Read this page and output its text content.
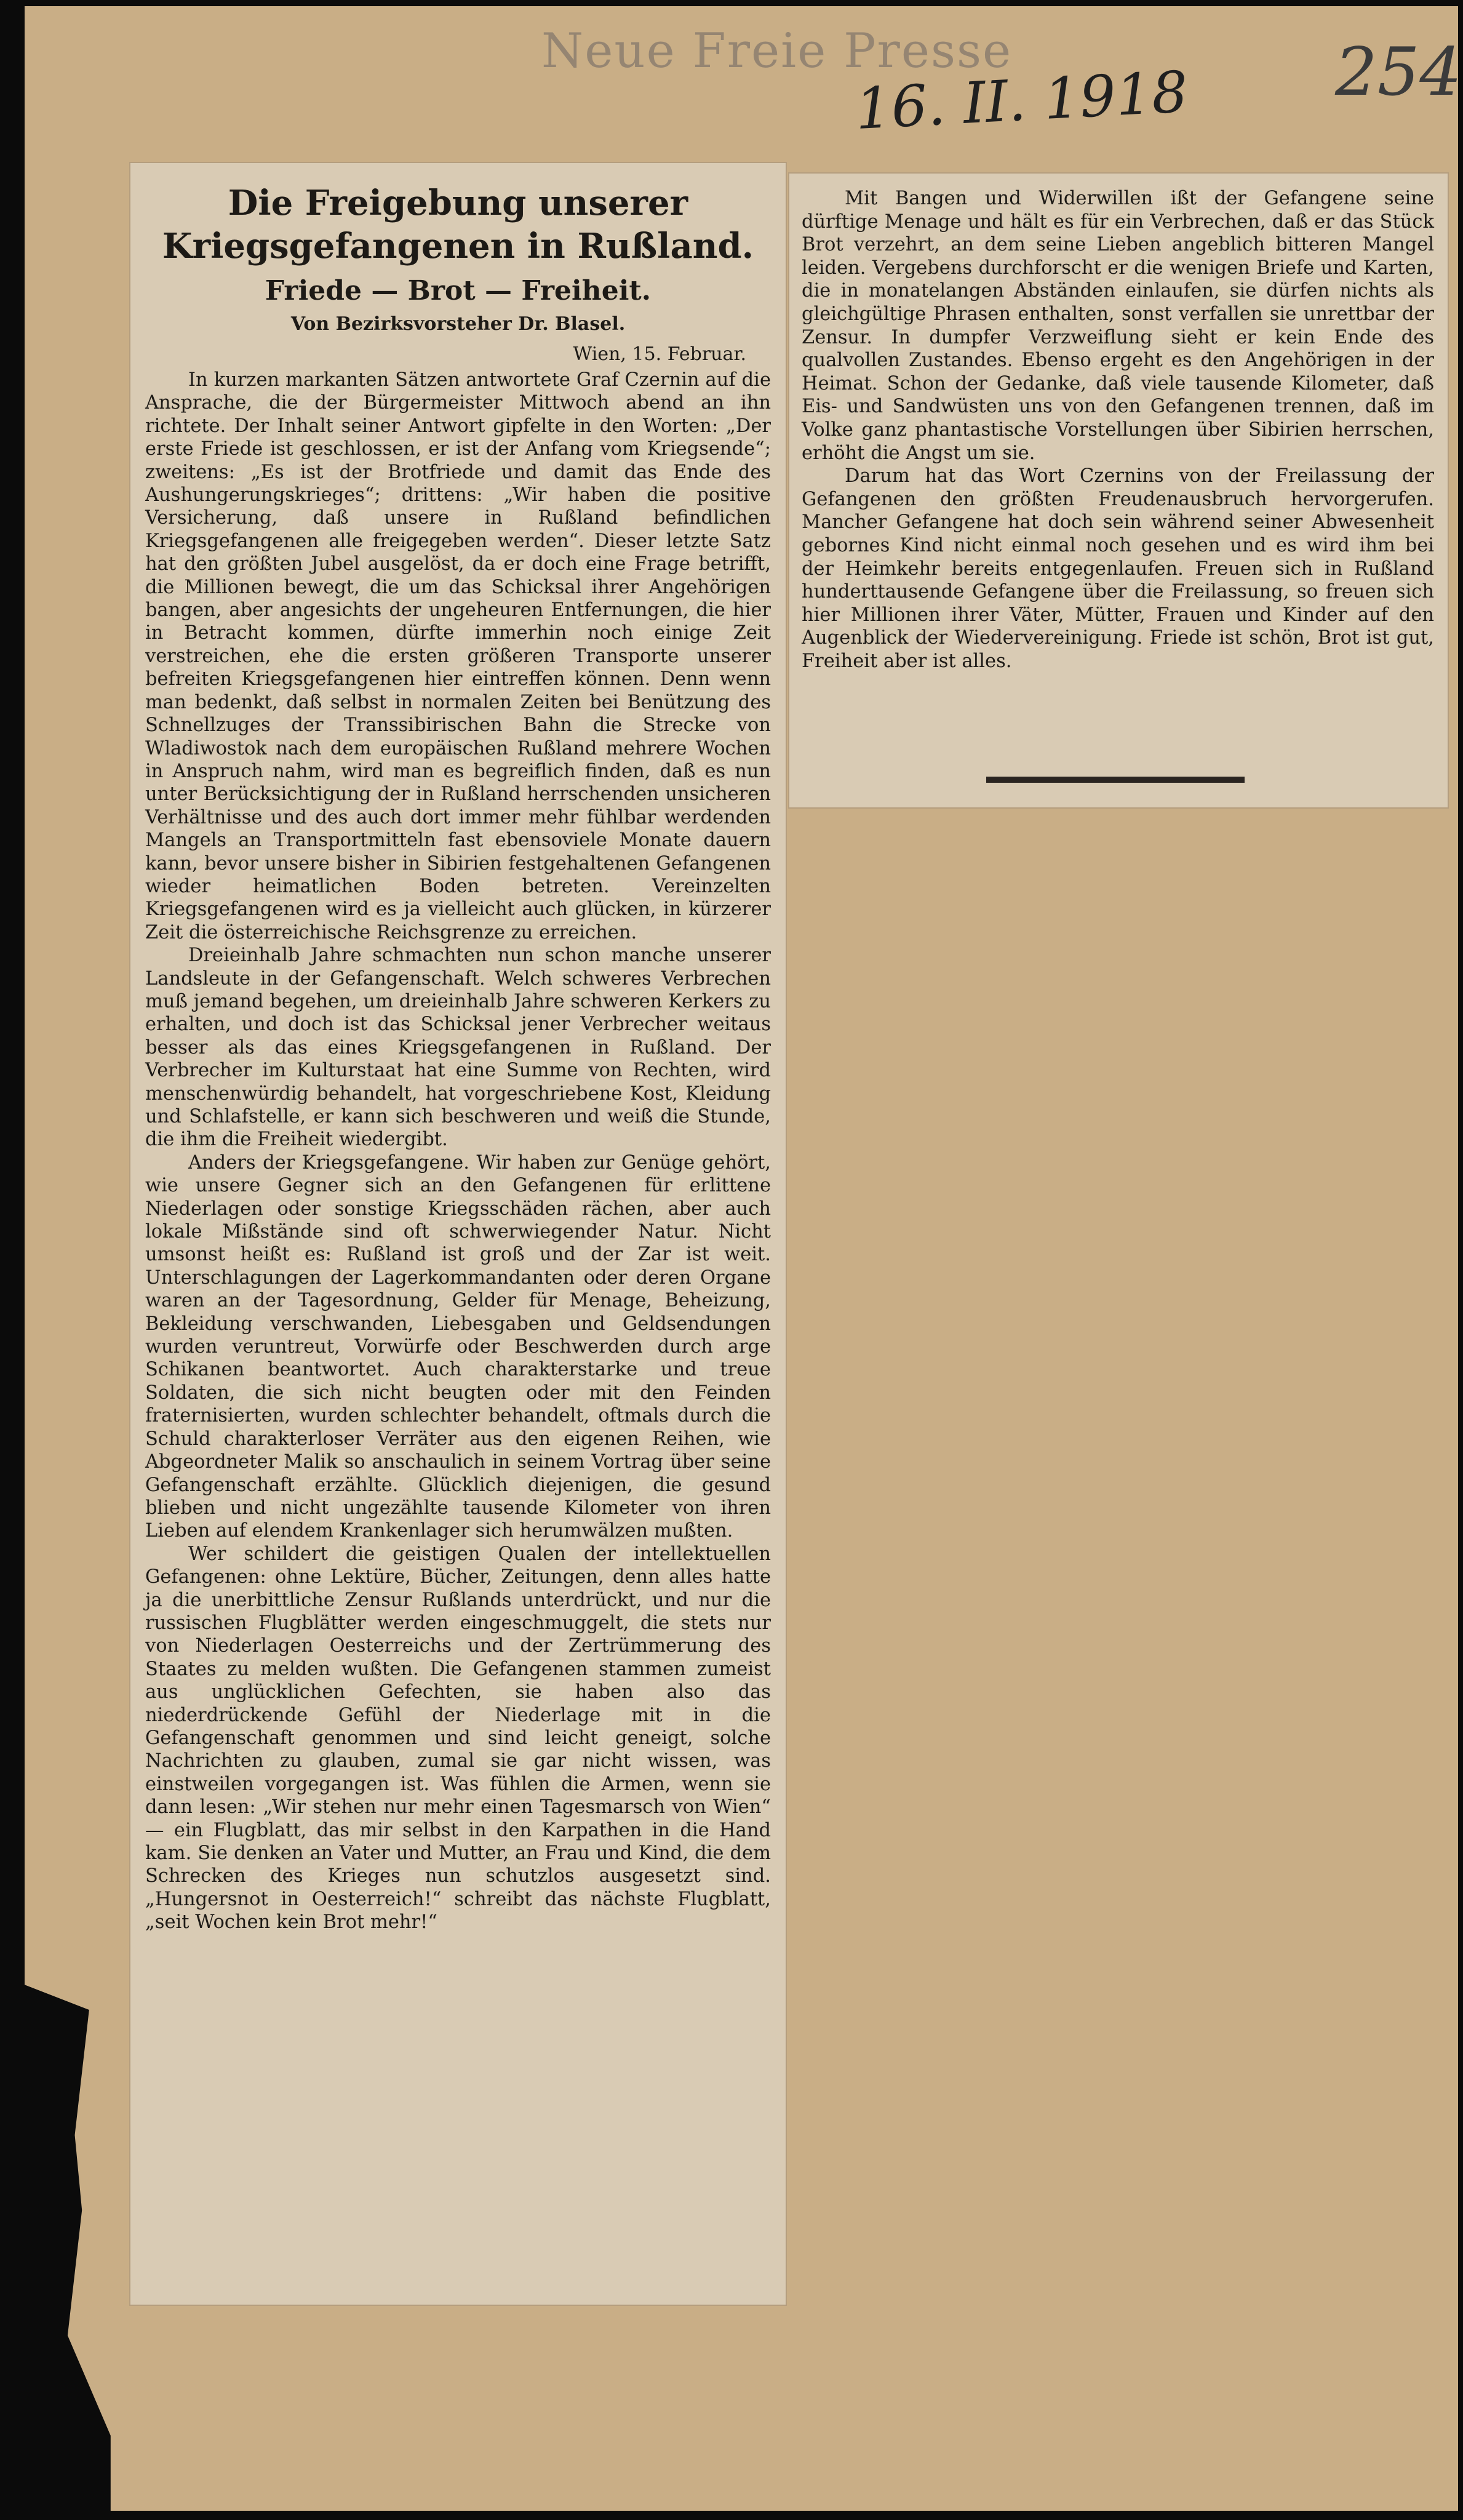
Neue Freie Presse
16. II. 1918 254
Die Freigebung unserer Kriegsgefangenen in Rußland.
Friede — Brot — Freiheit.
Von Bezirksvorsteher Dr. Blasel.
Wien, 15. Februar.

In kurzen markanten Sätzen antwortete Graf Czernin auf die Ansprache, die der Bürgermeister Mittwoch abend an ihn richtete. Der Inhalt seiner Antwort gipfelte in den Worten: „Der erste Friede ist geschlossen, er ist der Anfang vom Kriegsende“; zweitens: „Es ist der Brotfriede und damit das Ende des Aushungerungskrieges“; drittens: „Wir haben die positive Versicherung, daß unsere in Rußland befindlichen Kriegsgefangenen alle freigegeben werden“. Dieser letzte Satz hat den größten Jubel ausgelöst, da er doch eine Frage betrifft, die Millionen bewegt, die um das Schicksal ihrer Angehörigen bangen, aber angesichts der ungeheuren Entfernungen, die hier in Betracht kommen, dürfte immerhin noch einige Zeit verstreichen, ehe die ersten größeren Transporte unserer befreiten Kriegsgefangenen hier eintreffen können. Denn wenn man bedenkt, daß selbst in normalen Zeiten bei Benützung des Schnellzuges der Transsibirischen Bahn die Strecke von Wladiwostok nach dem europäischen Rußland mehrere Wochen in Anspruch nahm, wird man es begreiflich finden, daß es nun unter Berücksichtigung der in Rußland herrschenden unsicheren Verhältnisse und des auch dort immer mehr fühlbar werdenden Mangels an Transportmitteln fast ebensoviele Monate dauern kann, bevor unsere bisher in Sibirien festgehaltenen Gefangenen wieder heimatlichen Boden betreten. Vereinzelten Kriegsgefangenen wird es ja vielleicht auch glücken, in kürzerer Zeit die österreichische Reichsgrenze zu erreichen.

Dreieinhalb Jahre schmachten nun schon manche unserer Landsleute in der Gefangenschaft. Welch schweres Verbrechen muß jemand begehen, um dreieinhalb Jahre schweren Kerkers zu erhalten, und doch ist das Schicksal jener Verbrecher weitaus besser als das eines Kriegsgefangenen in Rußland. Der Verbrecher im Kulturstaat hat eine Summe von Rechten, wird menschenwürdig behandelt, hat vorgeschriebene Kost, Kleidung und Schlafstelle, er kann sich beschweren und weiß die Stunde, die ihm die Freiheit wiedergibt.

Anders der Kriegsgefangene. Wir haben zur Genüge gehört, wie unsere Gegner sich an den Gefangenen für erlittene Niederlagen oder sonstige Kriegsschäden rächen, aber auch lokale Mißstände sind oft schwerwiegender Natur. Nicht umsonst heißt es: Rußland ist groß und der Zar ist weit. Unterschlagungen der Lagerkommandanten oder deren Organe waren an der Tagesordnung, Gelder für Menage, Beheizung, Bekleidung verschwanden, Liebesgaben und Geldsendungen wurden veruntreut, Vorwürfe oder Beschwerden durch arge Schikanen beantwortet. Auch charakterstarke und treue Soldaten, die sich nicht beugten oder mit den Feinden fraternisierten, wurden schlechter behandelt, oftmals durch die Schuld charakterloser Verräter aus den eigenen Reihen, wie Abgeordneter Malik so anschaulich in seinem Vortrag über seine Gefangenschaft erzählte. Glücklich diejenigen, die gesund blieben und nicht ungezählte tausende Kilometer von ihren Lieben auf elendem Krankenlager sich herumwälzen mußten.

Wer schildert die geistigen Qualen der intellektuellen Gefangenen: ohne Lektüre, Bücher, Zeitungen, denn alles hatte ja die unerbittliche Zensur Rußlands unterdrückt, und nur die russischen Flugblätter werden eingeschmuggelt, die stets nur von Niederlagen Oesterreichs und der Zertrümmerung des Staates zu melden wußten. Die Gefangenen stammen zumeist aus unglücklichen Gefechten, sie haben also das niederdrückende Gefühl der Niederlage mit in die Gefangenschaft genommen und sind leicht geneigt, solche Nachrichten zu glauben, zumal sie gar nicht wissen, was einstweilen vorgegangen ist. Was fühlen die Armen, wenn sie dann lesen: „Wir stehen nur mehr einen Tagesmarsch von Wien“ — ein Flugblatt, das mir selbst in den Karpathen in die Hand kam. Sie denken an Vater und Mutter, an Frau und Kind, die dem Schrecken des Krieges nun schutzlos ausgesetzt sind. „Hungersnot in Oesterreich!“ schreibt das nächste Flugblatt, „seit Wochen kein Brot mehr!“

Mit Bangen und Widerwillen ißt der Gefangene seine dürftige Menage und hält es für ein Verbrechen, daß er das Stück Brot verzehrt, an dem seine Lieben angeblich bitteren Mangel leiden. Vergebens durchforscht er die wenigen Briefe und Karten, die in monatelangen Abständen einlaufen, sie dürfen nichts als gleichgültige Phrasen enthalten, sonst verfallen sie unrettbar der Zensur. In dumpfer Verzweiflung sieht er kein Ende des qualvollen Zustandes. Ebenso ergeht es den Angehörigen in der Heimat. Schon der Gedanke, daß viele tausende Kilometer, daß Eis- und Sandwüsten uns von den Gefangenen trennen, daß im Volke ganz phantastische Vorstellungen über Sibirien herrschen, erhöht die Angst um sie.

Darum hat das Wort Czernins von der Freilassung der Gefangenen den größten Freudenausbruch hervorgerufen. Mancher Gefangene hat doch sein während seiner Abwesenheit gebornes Kind nicht einmal noch gesehen und es wird ihm bei der Heimkehr bereits entgegenlaufen. Freuen sich in Rußland hunderttausende Gefangene über die Freilassung, so freuen sich hier Millionen ihrer Väter, Mütter, Frauen und Kinder auf den Augenblick der Wiedervereinigung. Friede ist schön, Brot ist gut, Freiheit aber ist alles.
